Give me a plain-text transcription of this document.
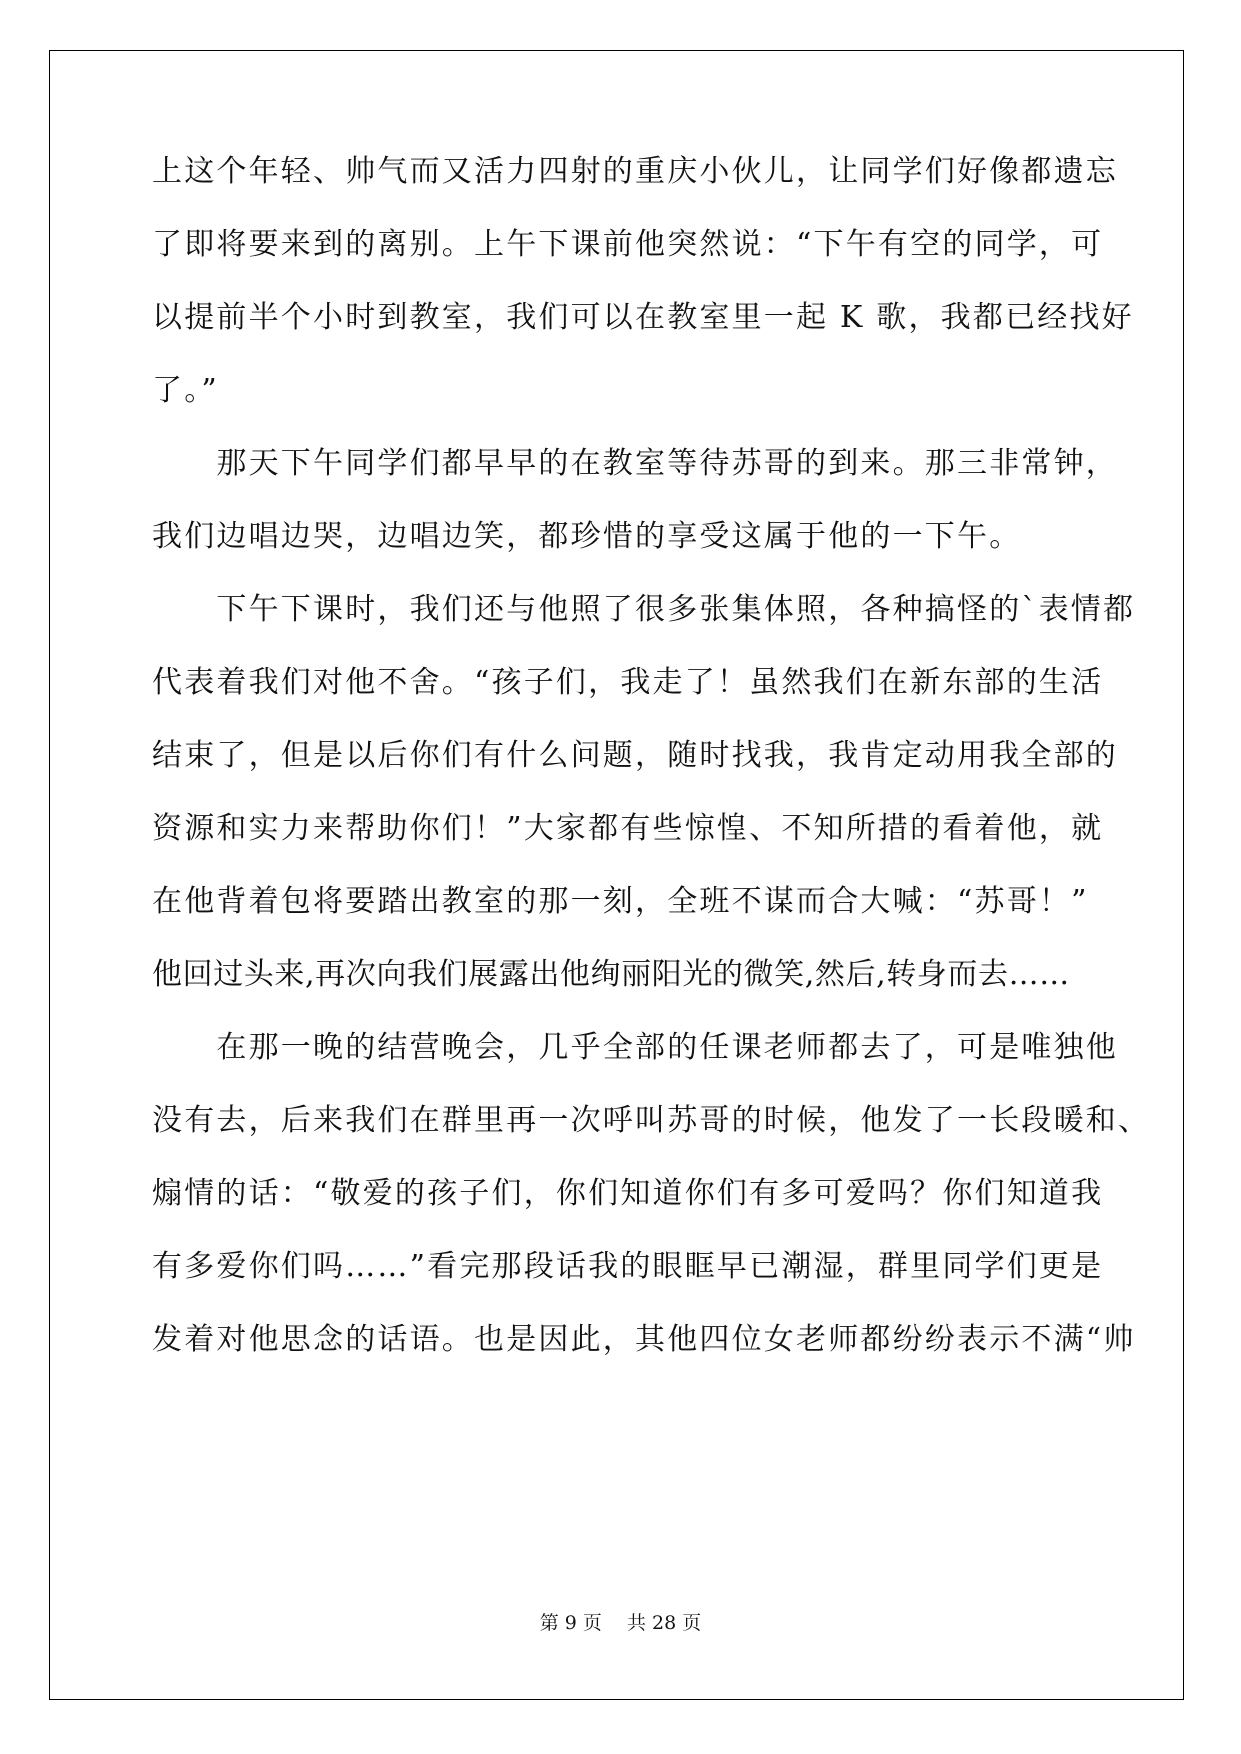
上这个年轻、帅气而又活力四射的重庆小伙儿，让同学们好像都遗忘
了即将要来到的离别。上午下课前他突然说：“下午有空的同学，可
以提前半个小时到教室，我们可以在教室里一起 K 歌，我都已经找好
了。”
　　那天下午同学们都早早的在教室等待苏哥的到来。那三非常钟，
我们边唱边哭，边唱边笑，都珍惜的享受这属于他的一下午。
　　下午下课时，我们还与他照了很多张集体照，各种搞怪的`表情都
代表着我们对他不舍。“孩子们，我走了！虽然我们在新东部的生活
结束了，但是以后你们有什么问题，随时找我，我肯定动用我全部的
资源和实力来帮助你们！”大家都有些惊惶、不知所措的看着他，就
在他背着包将要踏出教室的那一刻，全班不谋而合大喊：“苏哥！”
他回过头来,再次向我们展露出他绚丽阳光的微笑,然后,转身而去……
　　在那一晚的结营晚会，几乎全部的任课老师都去了，可是唯独他
没有去，后来我们在群里再一次呼叫苏哥的时候，他发了一长段暖和、
煽情的话：“敬爱的孩子们，你们知道你们有多可爱吗？你们知道我
有多爱你们吗……”看完那段话我的眼眶早已潮湿，群里同学们更是
发着对他思念的话语。也是因此，其他四位女老师都纷纷表示不满“帅
第 9 页　 共 28 页
